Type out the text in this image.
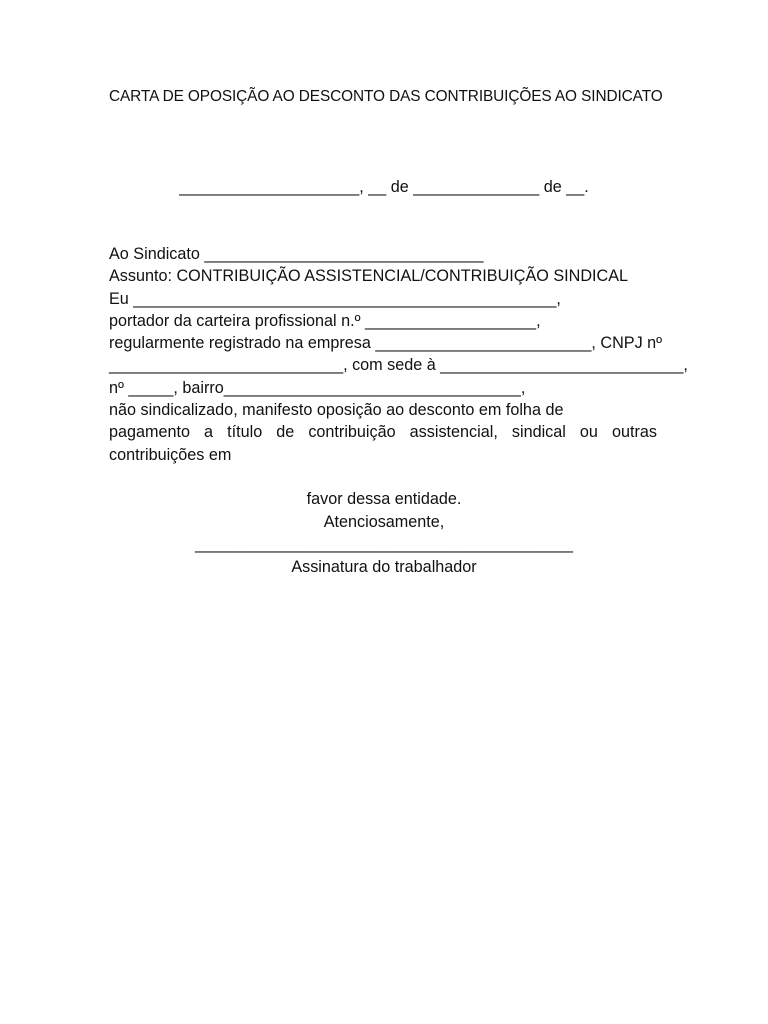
CARTA DE OPOSIÇÃO AO DESCONTO DAS CONTRIBUIÇÕES AO SINDICATO
____________________, __ de ______________ de __.
Ao Sindicato _______________________________
Assunto: CONTRIBUIÇÃO ASSISTENCIAL/CONTRIBUIÇÃO SINDICAL
Eu _______________________________________________,
portador da carteira profissional n.º ___________________,
regularmente registrado na empresa ________________________, CNPJ nº
__________________________, com sede à ___________________________,
nº _____, bairro_________________________________,
não sindicalizado, manifesto oposição ao desconto em folha de
pagamento a título de contribuição assistencial, sindical ou outras
contribuições em
favor dessa entidade.
Atenciosamente,
__________________________________________
Assinatura do trabalhador
